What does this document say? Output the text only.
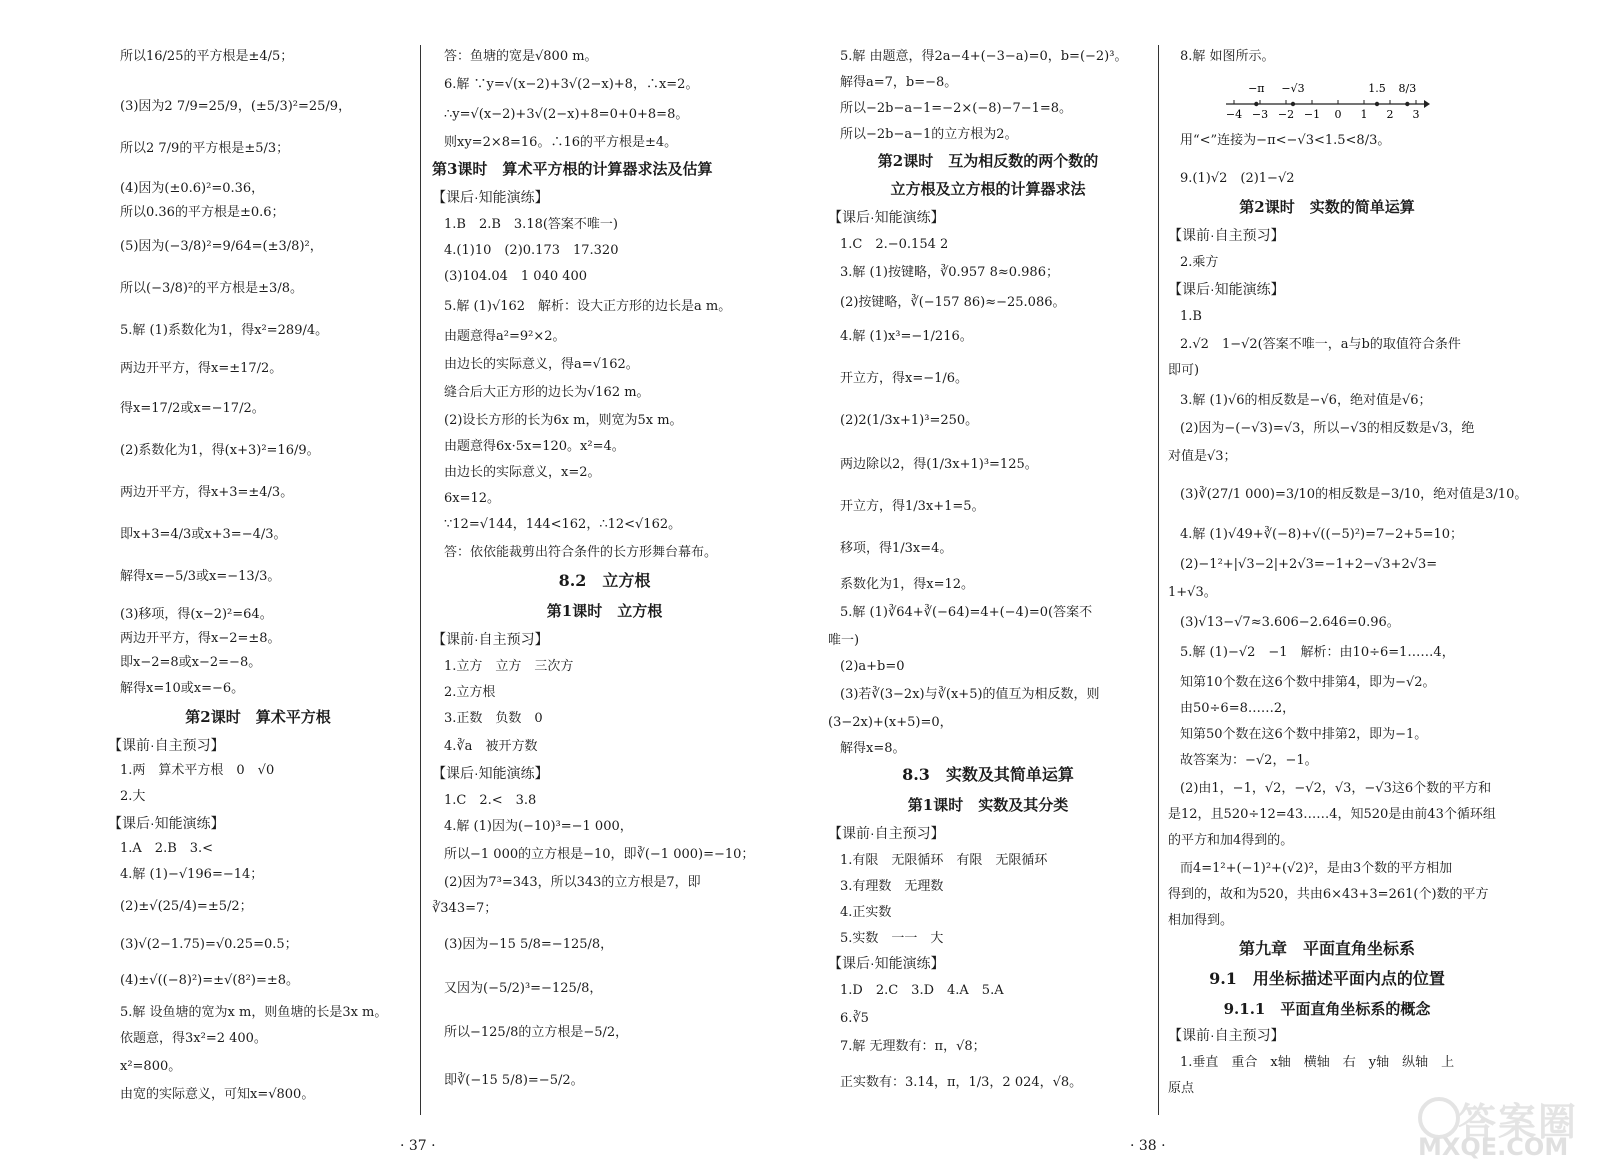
所以16/25的平方根是±4/5；
(3)因为2 7/9=25/9，(±5/3)²=25/9，
所以2 7/9的平方根是±5/3；
(4)因为(±0.6)²=0.36，
所以0.36的平方根是±0.6；
(5)因为(−3/8)²=9/64=(±3/8)²，
所以(−3/8)²的平方根是±3/8。
5.解 (1)系数化为1，得x²=289/4。
两边开平方，得x=±17/2。
得x=17/2或x=−17/2。
(2)系数化为1，得(x+3)²=16/9。
两边开平方，得x+3=±4/3。
即x+3=4/3或x+3=−4/3。
解得x=−5/3或x=−13/3。
(3)移项，得(x−2)²=64。
两边开平方，得x−2=±8。
即x−2=8或x−2=−8。
解得x=10或x=−6。
第2课时　算术平方根
【课前·自主预习】
1.两　算术平方根　0　√0
2.大
【课后·知能演练】
1.A　2.B　3.<
4.解 (1)−√196=−14；
(2)±√(25/4)=±5/2；
(3)√(2−1.75)=√0.25=0.5；
(4)±√((−8)²)=±√(8²)=±8。
5.解 设鱼塘的宽为x m，则鱼塘的长是3x m。
依题意，得3x²=2 400。
x²=800。
由宽的实际意义，可知x=√800。
答：鱼塘的宽是√800 m。
6.解 ∵y=√(x−2)+3√(2−x)+8，∴x=2。
∴y=√(x−2)+3√(2−x)+8=0+0+8=8。
则xy=2×8=16。∴16的平方根是±4。
第3课时　算术平方根的计算器求法及估算
【课后·知能演练】
1.B　2.B　3.18(答案不唯一)
4.(1)10　(2)0.173　17.320
(3)104.04　1 040 400
5.解 (1)√162　解析：设大正方形的边长是a m。
由题意得a²=9²×2。
由边长的实际意义，得a=√162。
缝合后大正方形的边长为√162 m。
(2)设长方形的长为6x m，则宽为5x m。
由题意得6x·5x=120。x²=4。
由边长的实际意义，x=2。
6x=12。
∵12=√144，144<162，∴12<√162。
答：依依能裁剪出符合条件的长方形舞台幕布。
8.2　立方根
第1课时　立方根
【课前·自主预习】
1.立方　立方　三次方
2.立方根
3.正数　负数　0
4.∛a　被开方数
【课后·知能演练】
1.C　2.<　3.8
4.解 (1)因为(−10)³=−1 000，
所以−1 000的立方根是−10，即∛(−1 000)=−10；
(2)因为7³=343，所以343的立方根是7，即
∛343=7；
(3)因为−15 5/8=−125/8，
又因为(−5/2)³=−125/8，
所以−125/8的立方根是−5/2，
即∛(−15 5/8)=−5/2。
· 37 ·
5.解 由题意，得2a−4+(−3−a)=0，b=(−2)³。
解得a=7，b=−8。
所以−2b−a−1=−2×(−8)−7−1=8。
所以−2b−a−1的立方根为2。
第2课时　互为相反数的两个数的
立方根及立方根的计算器求法
【课后·知能演练】
1.C　2.−0.154 2
3.解 (1)按键略，∛0.957 8≈0.986；
(2)按键略，∛(−157 86)≈−25.086。
4.解 (1)x³=−1/216。
开立方，得x=−1/6。
(2)2(1/3x+1)³=250。
两边除以2，得(1/3x+1)³=125。
开立方，得1/3x+1=5。
移项，得1/3x=4。
系数化为1，得x=12。
5.解 (1)∛64+∛(−64)=4+(−4)=0(答案不
唯一)
(2)a+b=0
(3)若∛(3−2x)与∛(x+5)的值互为相反数，则
(3−2x)+(x+5)=0，
解得x=8。
8.3　实数及其简单运算
第1课时　实数及其分类
【课前·自主预习】
1.有限　无限循环　有限　无限循环
3.有理数　无理数
4.正实数
5.实数　一一　大
【课后·知能演练】
1.D　2.C　3.D　4.A　5.A
6.∛5
7.解 无理数有：π，√8；
正实数有：3.14，π，1/3，2 024，√8。
8.解 如图所示。
用“<”连接为−π<−√3<1.5<8/3。
9.(1)√2　(2)1−√2
第2课时　实数的简单运算
【课前·自主预习】
2.乘方
【课后·知能演练】
1.B
2.√2　1−√2(答案不唯一，a与b的取值符合条件
即可)
3.解 (1)√6的相反数是−√6，绝对值是√6；
(2)因为−(−√3)=√3，所以−√3的相反数是√3，绝
对值是√3；
(3)∛(27/1 000)=3/10的相反数是−3/10，绝对值是3/10。
4.解 (1)√49+∛(−8)+√((−5)²)=7−2+5=10；
(2)−1²+|√3−2|+2√3=−1+2−√3+2√3=
1+√3。
(3)√13−√7≈3.606−2.646=0.96。
5.解 (1)−√2　−1　解析：由10÷6=1……4，
知第10个数在这6个数中排第4，即为−√2。
由50÷6=8……2，
知第50个数在这6个数中排第2，即为−1。
故答案为：−√2，−1。
(2)由1，−1，√2，−√2，√3，−√3这6个数的平方和
是12，且520÷12=43……4，知520是由前43个循环组
的平方和加4得到的。
而4=1²+(−1)²+(√2)²，是由3个数的平方相加
得到的，故和为520，共由6×43+3=261(个)数的平方
相加得到。
第九章　平面直角坐标系
9.1　用坐标描述平面内点的位置
9.1.1　平面直角坐标系的概念
【课前·自主预习】
1.垂直　重合　x轴　横轴　右　y轴　纵轴　上
原点
−4 −3 −2 −1 0 1 2 3
−π −√3	1.5 8/3
· 38 ·
答案圈
MXQE.COM
